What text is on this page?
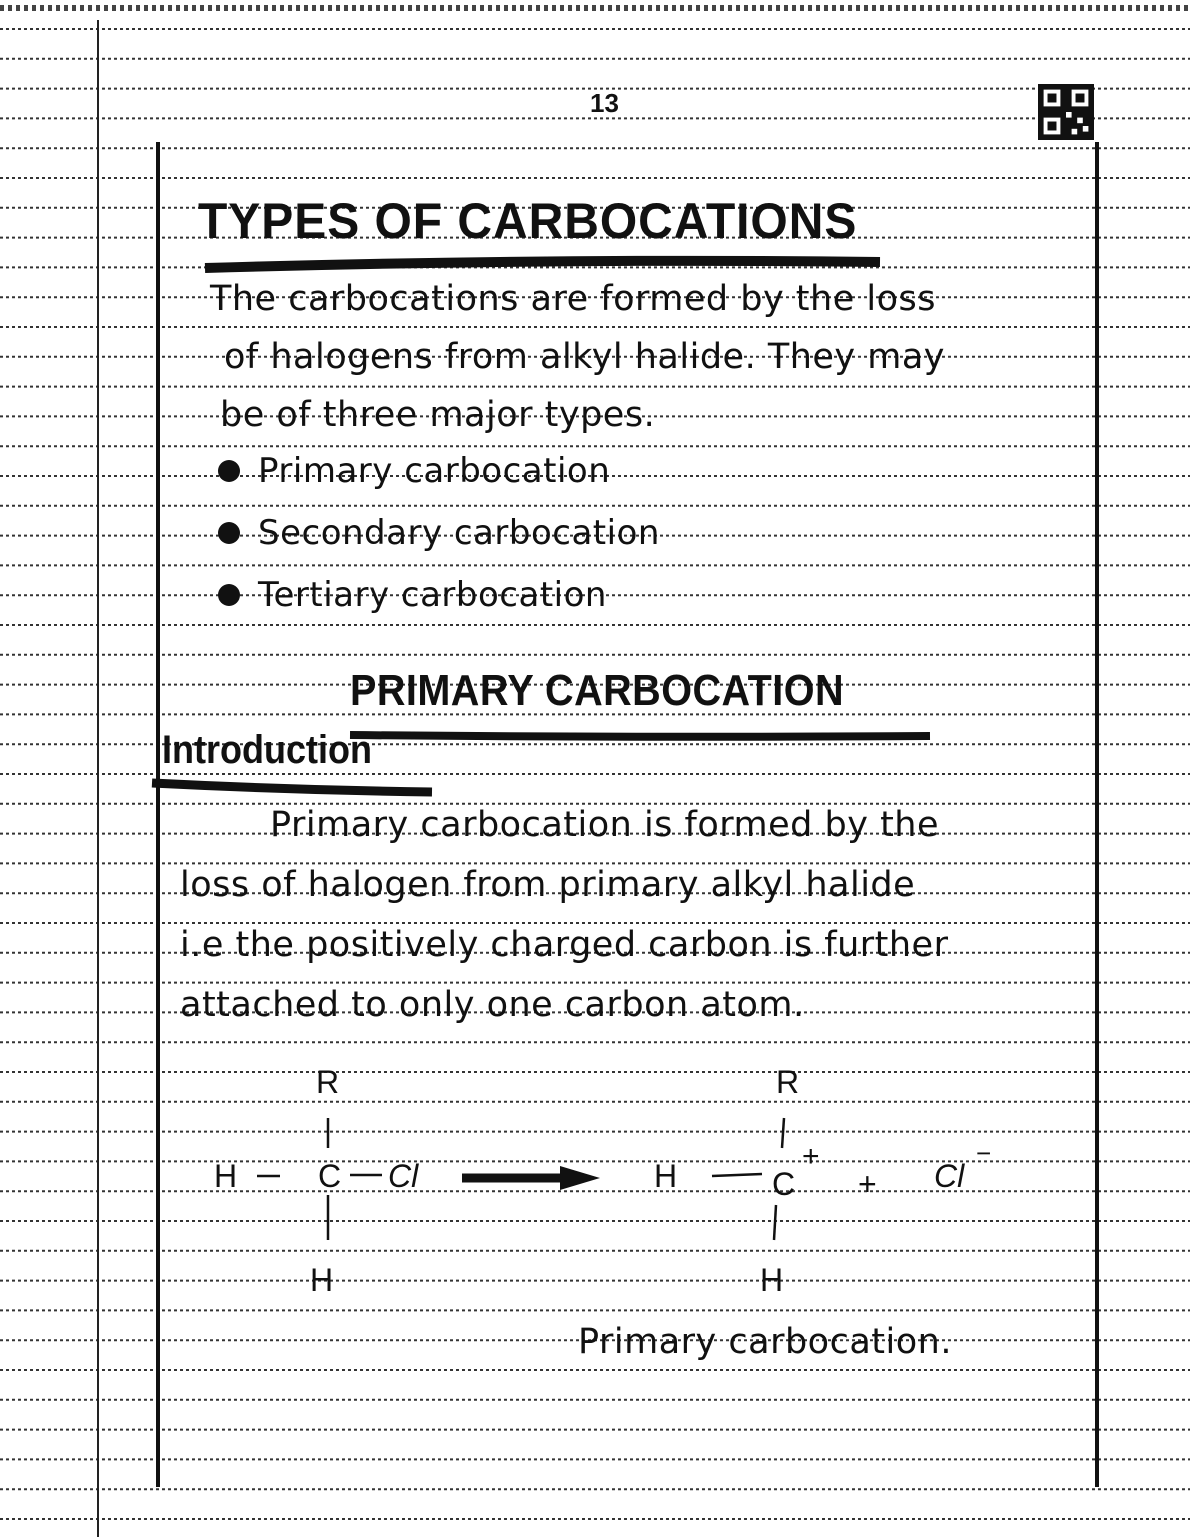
13
TYPES OF CARBOCATIONS
The carbocations are formed by the loss
of halogens from alkyl halide. They may
be of three major types.
Primary carbocation
Secondary carbocation
Tertiary carbocation
PRIMARY CARBOCATION
Introduction
Primary carbocation is formed by the
loss of halogen from primary alkyl halide
i.e the positively charged carbon is further
attached to only one carbon atom.
R
H	C Cl
H
R
H	C
+
+ Cl
−
H
Primary carbocation.
